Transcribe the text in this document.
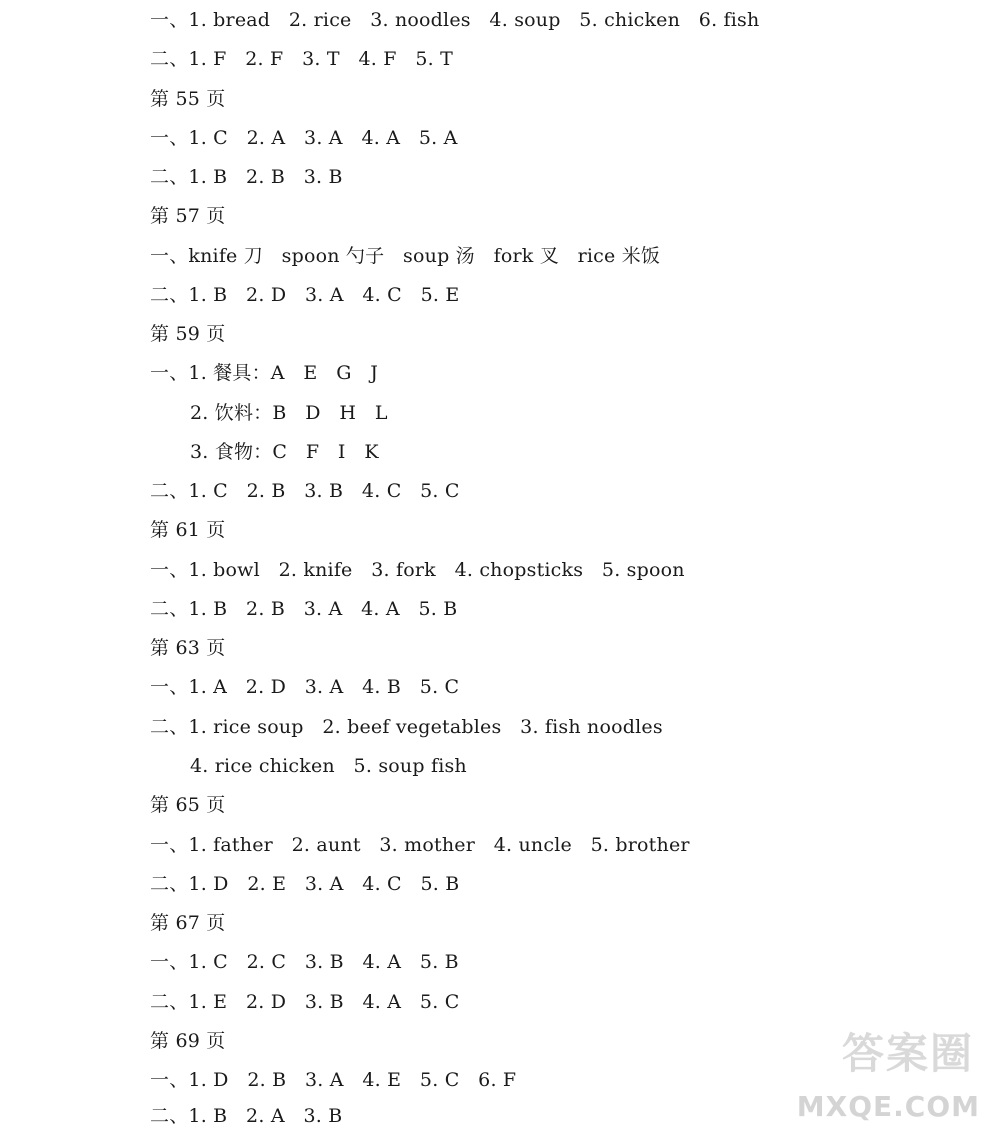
一、1. bread   2. rice   3. noodles   4. soup   5. chicken   6. fish
二、1. F   2. F   3. T   4. F   5. T
第 55 页
一、1. C   2. A   3. A   4. A   5. A
二、1. B   2. B   3. B
第 57 页
一、knife 刀   spoon 勺子   soup 汤   fork 叉   rice 米饭
二、1. B   2. D   3. A   4. C   5. E
第 59 页
一、1. 餐具：A   E   G   J
2. 饮料：B   D   H   L
3. 食物：C   F   I   K
二、1. C   2. B   3. B   4. C   5. C
第 61 页
一、1. bowl   2. knife   3. fork   4. chopsticks   5. spoon
二、1. B   2. B   3. A   4. A   5. B
第 63 页
一、1. A   2. D   3. A   4. B   5. C
二、1. rice soup   2. beef vegetables   3. fish noodles
4. rice chicken   5. soup fish
第 65 页
一、1. father   2. aunt   3. mother   4. uncle   5. brother
二、1. D   2. E   3. A   4. C   5. B
第 67 页
一、1. C   2. C   3. B   4. A   5. B
二、1. E   2. D   3. B   4. A   5. C
第 69 页
一、1. D   2. B   3. A   4. E   5. C   6. F
二、1. B   2. A   3. B
答案圈
MXQE.COM
